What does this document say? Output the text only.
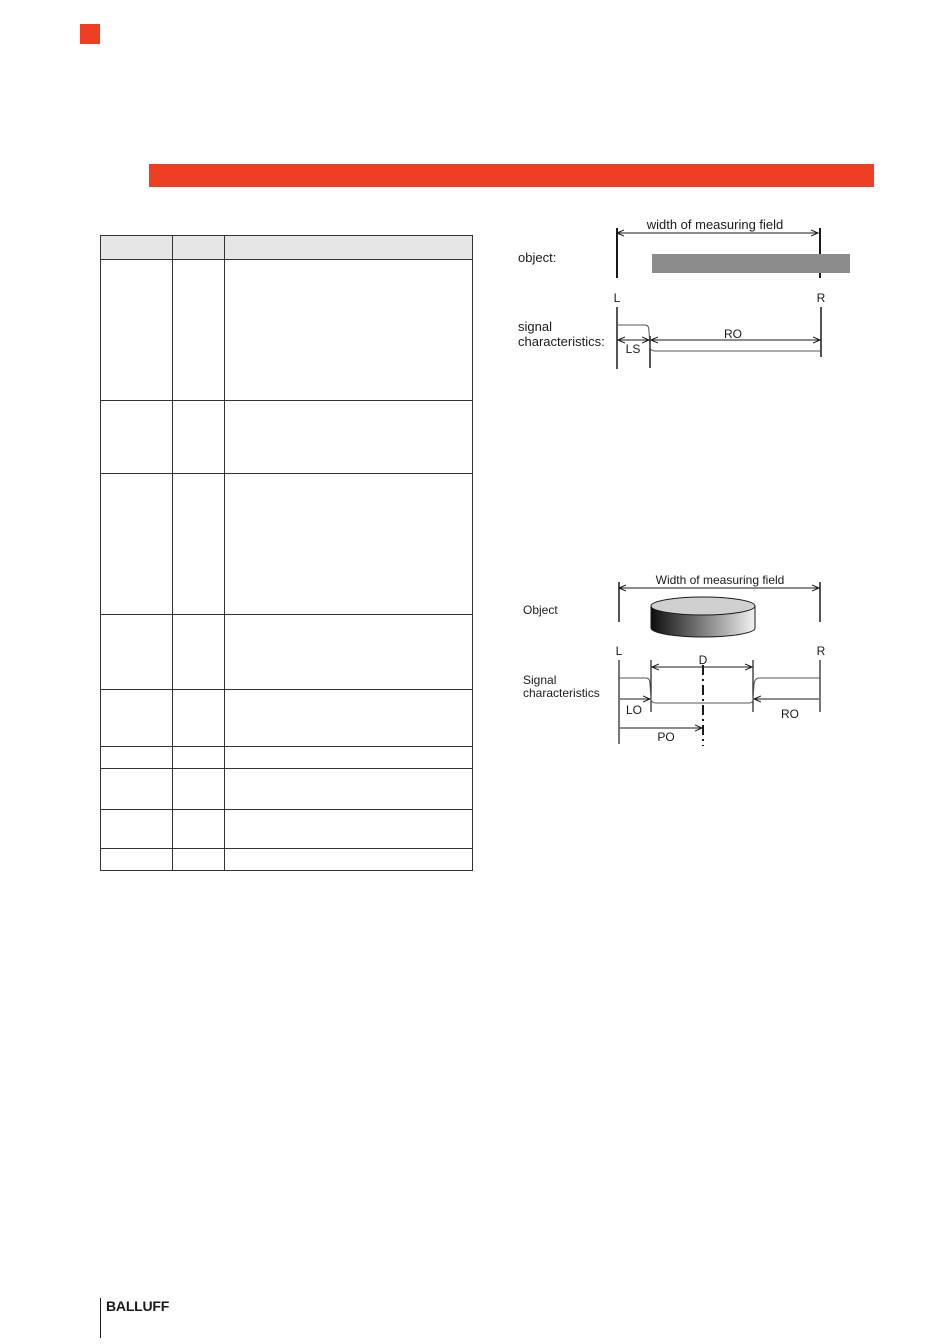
width of measuring field
object:
L	R
signal
characteristics: LS
RO
Width of measuring field
Object
L	R
D
Signal
characteristics
LO	RO
PO
BALLUFF
